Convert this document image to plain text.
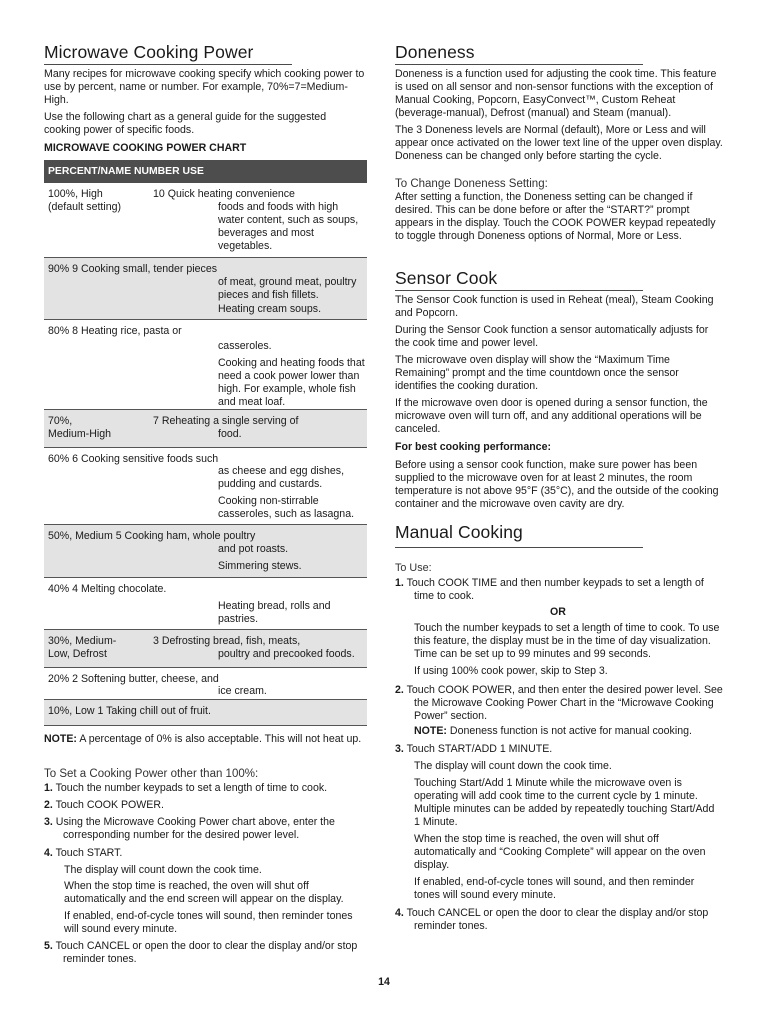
Microwave Cooking Power

Many recipes for microwave cooking specify which cooking power to use by percent, name or number. For example, 70%=7=Medium-High.

Use the following chart as a general guide for the suggested cooking power of specific foods.

MICROWAVE COOKING POWER CHART
PERCENT/NAME NUMBER USE

100%, High
(default setting)

10 Quick heating convenience

foods and foods with high water content, such as soups, beverages and most vegetables.

90% 9 Cooking small, tender pieces

of meat, ground meat, poultry pieces and fish fillets.

Heating cream soups.

80% 8 Heating rice, pasta or

casseroles.

Cooking and heating foods that need a cook power lower than high. For example, whole fish and meat loaf.

70%,
Medium-High

7 Reheating a single serving of

food.

60% 6 Cooking sensitive foods such

as cheese and egg dishes, pudding and custards.

Cooking non-stirrable casseroles, such as lasagna.

50%, Medium 5 Cooking ham, whole poultry

and pot roasts.

Simmering stews.

40% 4 Melting chocolate.

Heating bread, rolls and pastries.

30%, Medium-
Low, Defrost

3 Defrosting bread, fish, meats,

poultry and precooked foods.

20% 2 Softening butter, cheese, and

ice cream.

10%, Low 1 Taking chill out of fruit.

NOTE: A percentage of 0% is also acceptable. This will not heat up.

To Set a Cooking Power other than 100%:

1. Touch the number keypads to set a length of time to cook.

2. Touch COOK POWER.

3. Using the Microwave Cooking Power chart above, enter the corresponding number for the desired power level.

4. Touch START.

The display will count down the cook time.

When the stop time is reached, the oven will shut off automatically and the end screen will appear on the display.

If enabled, end-of-cycle tones will sound, then reminder tones will sound every minute.

5. Touch CANCEL or open the door to clear the display and/or stop reminder tones.

Doneness

Doneness is a function used for adjusting the cook time. This feature is used on all sensor and non-sensor functions with the exception of Manual Cooking, Popcorn, EasyConvect™, Custom Reheat (beverage-manual), Defrost (manual) and Steam (manual).

The 3 Doneness levels are Normal (default), More or Less and will appear once activated on the lower text line of the upper oven display. Doneness can be changed only before starting the cycle.

To Change Doneness Setting:

After setting a function, the Doneness setting can be changed if desired. This can be done before or after the “START?” prompt appears in the display. Touch the COOK POWER keypad repeatedly to toggle through Doneness options of Normal, More or Less.

Sensor Cook

The Sensor Cook function is used in Reheat (meal), Steam Cooking and Popcorn.

During the Sensor Cook function a sensor automatically adjusts for the cook time and power level.

The microwave oven display will show the “Maximum Time Remaining” prompt and the time countdown once the sensor identifies the cooking duration.

If the microwave oven door is opened during a sensor function, the microwave oven will turn off, and any additional operations will be canceled.

For best cooking performance:

Before using a sensor cook function, make sure power has been supplied to the microwave oven for at least 2 minutes, the room temperature is not above 95°F (35°C), and the outside of the cooking container and the microwave oven cavity are dry.

Manual Cooking
To Use:

1. Touch COOK TIME and then number keypads to set a length of time to cook.

OR

Touch the number keypads to set a length of time to cook. To use this feature, the display must be in the time of day visualization. Time can be set up to 99 minutes and 99 seconds.

If using 100% cook power, skip to Step 3.

2. Touch COOK POWER, and then enter the desired power level. See the Microwave Cooking Power Chart in the “Microwave Cooking Power” section.

NOTE: Doneness function is not active for manual cooking.

3. Touch START/ADD 1 MINUTE.

The display will count down the cook time.

Touching Start/Add 1 Minute while the microwave oven is operating will add cook time to the current cycle by 1 minute. Multiple minutes can be added by repeatedly touching Start/Add 1 Minute.

When the stop time is reached, the oven will shut off automatically and “Cooking Complete” will appear on the oven display.

If enabled, end-of-cycle tones will sound, and then reminder tones will sound every minute.

4. Touch CANCEL or open the door to clear the display and/or stop reminder tones.

14
